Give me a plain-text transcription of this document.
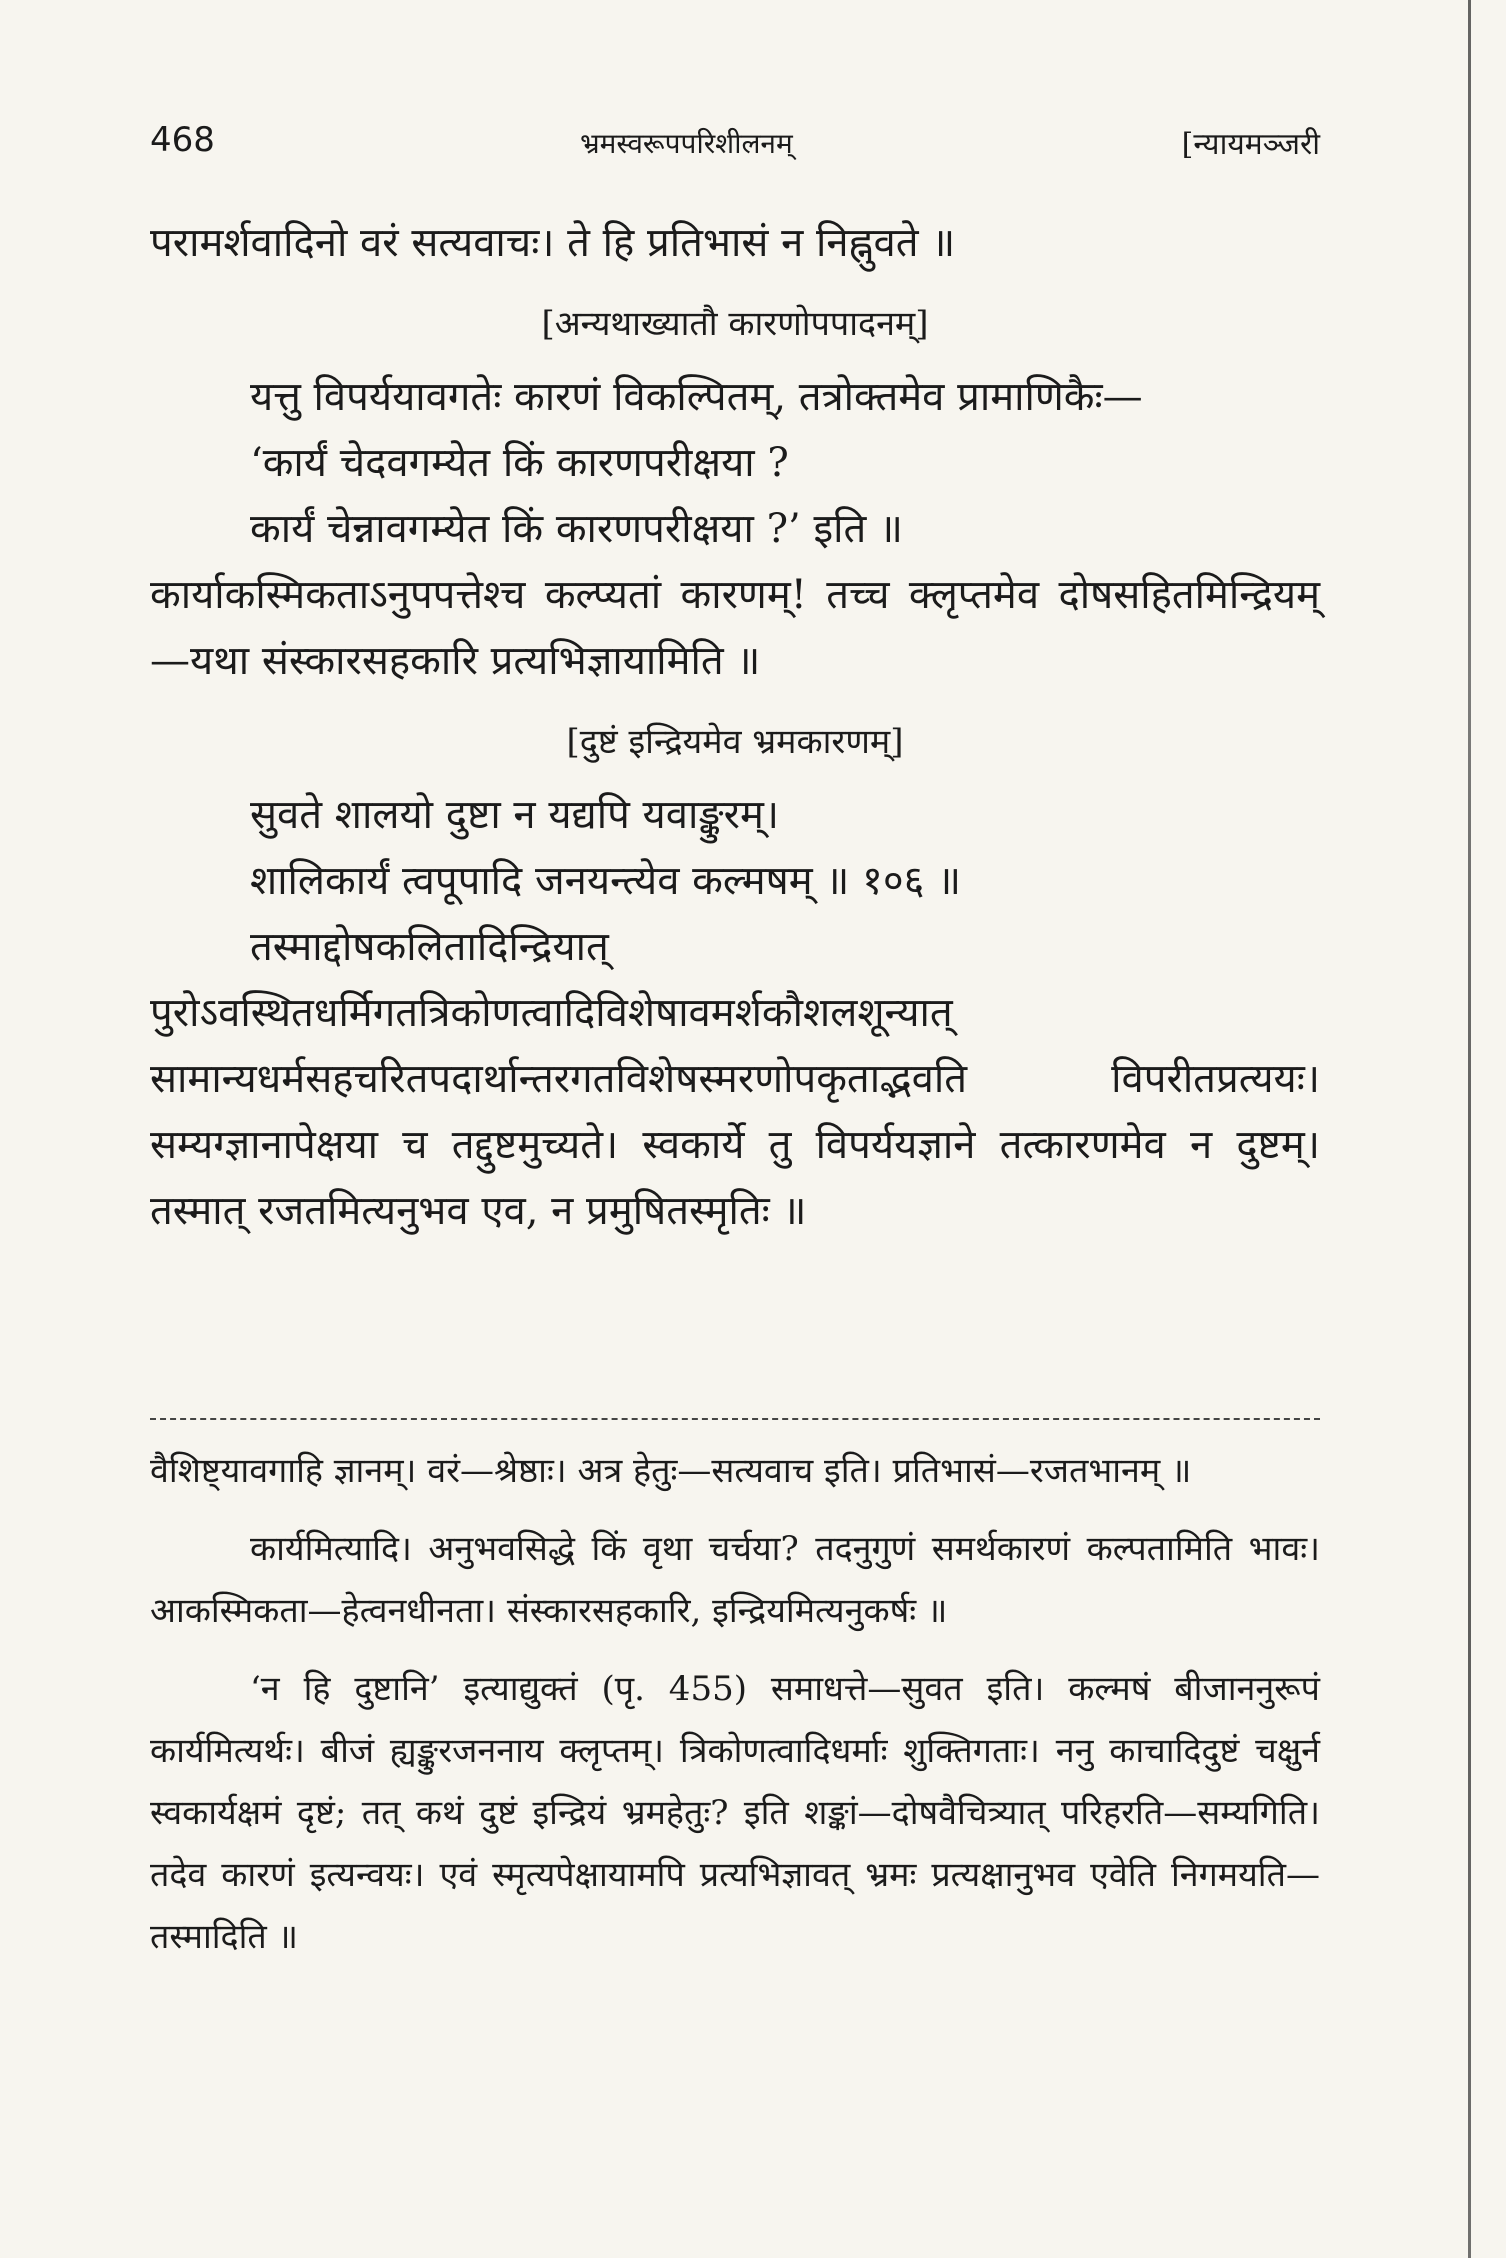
468	भ्रमस्वरूपपरिशीलनम्	[न्यायमञ्जरी

परामर्शवादिनो वरं सत्यवाचः। ते हि प्रतिभासं न निह्नुवते ॥

[अन्यथाख्यातौ कारणोपपादनम्]

यत्तु विपर्ययावगतेः कारणं विकल्पितम्, तत्रोक्तमेव प्रामाणिकैः—

‘कार्यं चेदवगम्येत किं कारणपरीक्षया ?

कार्यं चेन्नावगम्येत किं कारणपरीक्षया ?’ इति ॥

कार्याकस्मिकताऽनुपपत्तेश्च कल्प्यतां कारणम्! तच्च क्लृप्तमेव दोषसहितमिन्द्रियम्—यथा संस्कारसहकारि प्रत्यभिज्ञायामिति ॥

[दुष्टं इन्द्रियमेव भ्रमकारणम्]

सुवते शालयो दुष्टा न यद्यपि यवाङ्कुरम्।

शालिकार्यं त्वपूपादि जनयन्त्येव कल्मषम् ॥ १०६ ॥

तस्माद्दोषकलितादिन्द्रियात् पुरोऽवस्थितधर्मिगतत्रिकोणत्वादिविशेषावमर्शकौशलशून्यात् सामान्यधर्मसहचरितपदार्थान्तरगतविशेषस्मरणोपकृताद्भवति विपरीतप्रत्ययः। सम्यग्ज्ञानापेक्षया च तद्दुष्टमुच्यते। स्वकार्ये तु विपर्ययज्ञाने तत्कारणमेव न दुष्टम्। तस्मात् रजतमित्यनुभव एव, न प्रमुषितस्मृतिः ॥

वैशिष्ट्यावगाहि ज्ञानम्। वरं—श्रेष्ठाः। अत्र हेतुः—सत्यवाच इति। प्रतिभासं—रजतभानम् ॥

कार्यमित्यादि। अनुभवसिद्धे किं वृथा चर्चया? तदनुगुणं समर्थकारणं कल्पतामिति भावः। आकस्मिकता—हेत्वनधीनता। संस्कारसहकारि, इन्द्रियमित्यनुकर्षः ॥

‘न हि दुष्टानि’ इत्याद्युक्तं (पृ. 455) समाधत्ते—सुवत इति। कल्मषं बीजाननुरूपं कार्यमित्यर्थः। बीजं ह्यङ्कुरजननाय क्लृप्तम्। त्रिकोणत्वादिधर्माः शुक्तिगताः। ननु काचादिदुष्टं चक्षुर्न स्वकार्यक्षमं दृष्टं; तत् कथं दुष्टं इन्द्रियं भ्रमहेतुः? इति शङ्कां—दोषवैचित्र्यात् परिहरति—सम्यगिति। तदेव कारणं इत्यन्वयः। एवं स्मृत्यपेक्षायामपि प्रत्यभिज्ञावत् भ्रमः प्रत्यक्षानुभव एवेति निगमयति—तस्मादिति ॥
